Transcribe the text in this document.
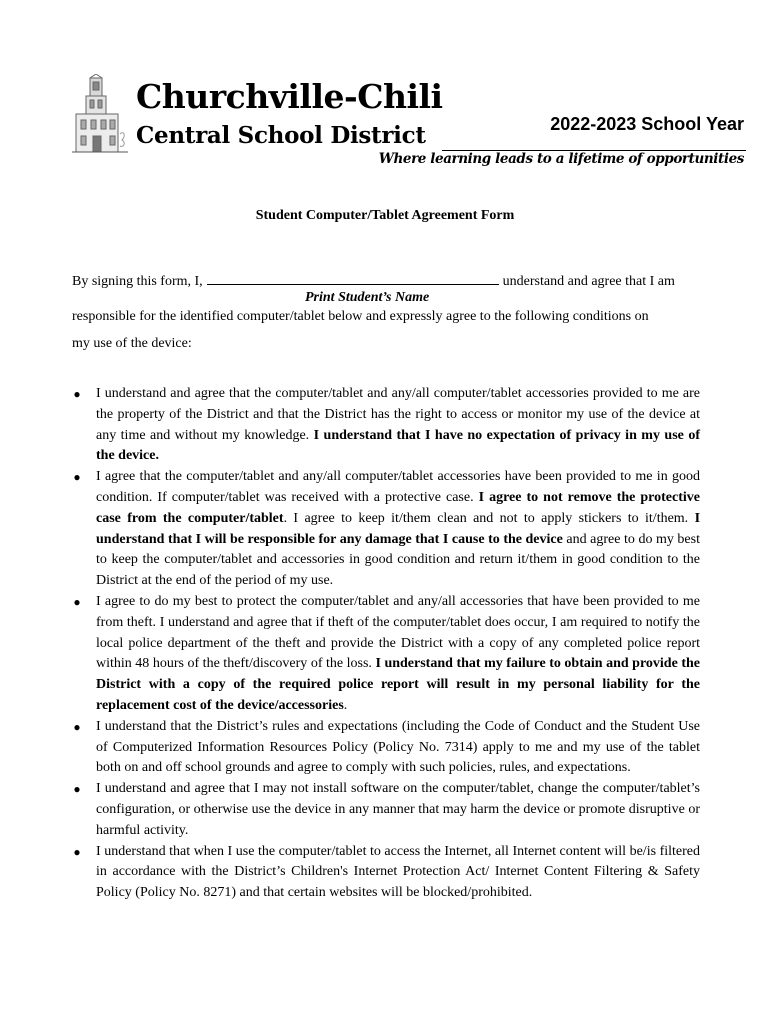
Churchville-Chili
Central School District	2022-2023 School Year
Where learning leads to a lifetime of opportunities
Student Computer/Tablet Agreement Form
By signing this form, I,	understand and agree that I am
Print Student’s Name
responsible for the identified computer/tablet below and expressly agree to the following conditions on
my use of the device:
● I understand and agree that the computer/tablet and any/all computer/tablet accessories provided to me are the property of the District and that the District has the right to access or monitor my use of the device at any time and without my knowledge. I understand that I have no expectation of privacy in my use of the device.
● I agree that the computer/tablet and any/all computer/tablet accessories have been provided to me in good condition. If computer/tablet was received with a protective case. I agree to not remove the protective case from the computer/tablet. I agree to keep it/them clean and not to apply stickers to it/them. I understand that I will be responsible for any damage that I cause to the device and agree to do my best to keep the computer/tablet and accessories in good condition and return it/them in good condition to the District at the end of the period of my use.
● I agree to do my best to protect the computer/tablet and any/all accessories that have been provided to me from theft. I understand and agree that if theft of the computer/tablet does occur, I am required to notify the local police department of the theft and provide the District with a copy of any completed police report within 48 hours of the theft/discovery of the loss. I understand that my failure to obtain and provide the District with a copy of the required police report will result in my personal liability for the replacement cost of the device/accessories.
● I understand that the District’s rules and expectations (including the Code of Conduct and the Student Use of Computerized Information Resources Policy (Policy No. 7314) apply to me and my use of the tablet both on and off school grounds and agree to comply with such policies, rules, and expectations.
● I understand and agree that I may not install software on the computer/tablet, change the computer/tablet’s configuration, or otherwise use the device in any manner that may harm the device or promote disruptive or harmful activity.
● I understand that when I use the computer/tablet to access the Internet, all Internet content will be/is filtered in accordance with the District’s Children's Internet Protection Act/ Internet Content Filtering & Safety Policy (Policy No. 8271) and that certain websites will be blocked/prohibited.
